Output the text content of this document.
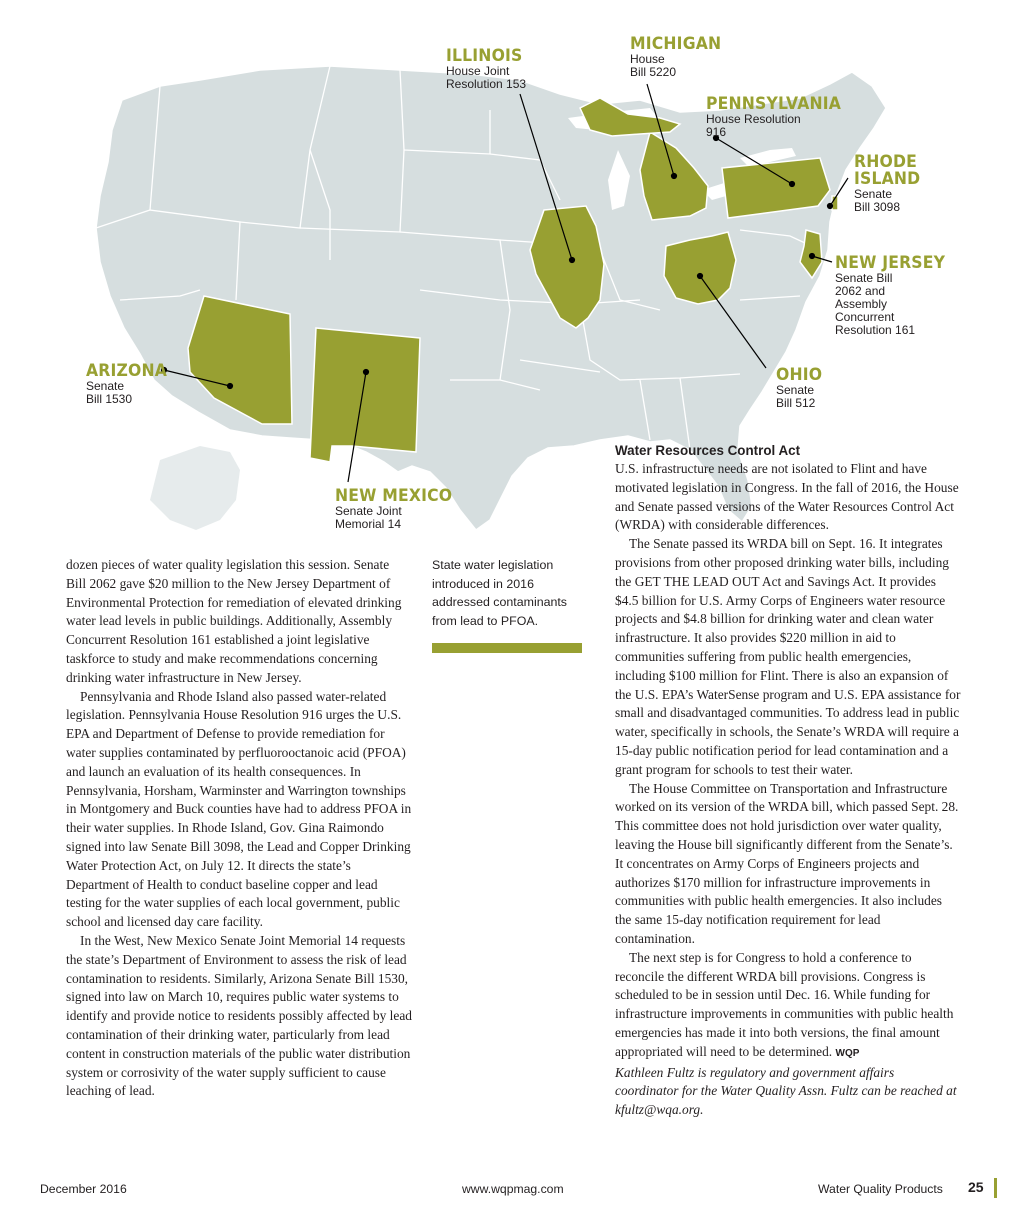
ILLINOIS
House Joint
Resolution 153
MICHIGAN
House
Bill 5220
PENNSYLVANIA
House Resolution
916
RHODE
ISLAND
Senate
Bill 3098
NEW JERSEY
Senate Bill
2062 and
Assembly
Concurrent
Resolution 161
OHIO
Senate
Bill 512
ARIZONA
Senate
Bill 1530
NEW MEXICO
Senate Joint
Memorial 14

dozen pieces of water quality legislation this session. Senate Bill 2062 gave $20 million to the New Jersey Department of Environmental Protection for remediation of elevated drinking water lead levels in public buildings. Additionally, Assembly Concurrent Resolution 161 established a joint legislative taskforce to study and make recommendations concerning drinking water infrastructure in New Jersey.

Pennsylvania and Rhode Island also passed water-related legislation. Pennsylvania House Resolution 916 urges the U.S. EPA and Department of Defense to provide remediation for water supplies contaminated by perfluorooctanoic acid (PFOA) and launch an evaluation of its health consequences. In Pennsylvania, Horsham, Warminster and Warrington townships in Montgomery and Buck counties have had to address PFOA in their water supplies. In Rhode Island, Gov. Gina Raimondo signed into law Senate Bill 3098, the Lead and Copper Drinking Water Protection Act, on July 12. It directs the state’s Department of Health to conduct baseline copper and lead testing for the water supplies of each local government, public school and licensed day care facility.

In the West, New Mexico Senate Joint Memorial 14 requests the state’s Department of Environment to assess the risk of lead contamination to residents. Similarly, Arizona Senate Bill 1530, signed into law on March 10, requires public water systems to identify and provide notice to residents possibly affected by lead contamination of their drinking water, particularly from lead content in construction materials of the public water distribution system or corrosivity of the water supply sufficient to cause leaching of lead.

State water legislation introduced in 2016 addressed contaminants from lead to PFOA.

Water Resources Control Act

U.S. infrastructure needs are not isolated to Flint and have motivated legislation in Congress. In the fall of 2016, the House and Senate passed versions of the Water Resources Control Act (WRDA) with considerable differences.

The Senate passed its WRDA bill on Sept. 16. It integrates provisions from other proposed drinking water bills, including the GET THE LEAD OUT Act and Savings Act. It provides $4.5 billion for U.S. Army Corps of Engineers water resource projects and $4.8 billion for drinking water and clean water infrastructure. It also provides $220 million in aid to communities suffering from public health emergencies, including $100 million for Flint. There is also an expansion of the U.S. EPA’s WaterSense program and U.S. EPA assistance for small and disadvantaged communities. To address lead in public water, specifically in schools, the Senate’s WRDA will require a 15-day public notification period for lead contamination and a grant program for schools to test their water.

The House Committee on Transportation and Infrastructure worked on its version of the WRDA bill, which passed Sept. 28. This committee does not hold jurisdiction over water quality, leaving the House bill significantly different from the Senate’s. It concentrates on Army Corps of Engineers projects and authorizes $170 million for infrastructure improvements in communities with public health emergencies. It also includes the same 15-day notification requirement for lead contamination.

The next step is for Congress to hold a conference to reconcile the different WRDA bill provisions. Congress is scheduled to be in session until Dec. 16. While funding for infrastructure improvements in communities with public health emergencies has made it into both versions, the final amount appropriated will need to be determined. WQP

Kathleen Fultz is regulatory and government affairs coordinator for the Water Quality Assn. Fultz can be reached at kfultz@wqa.org.

December 2016	www.wqpmag.com	Water Quality Products 25
